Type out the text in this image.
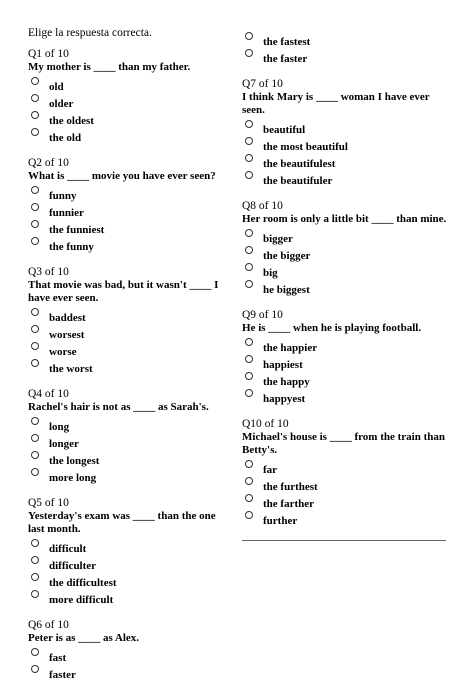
Elige la respuesta correcta.
Q1 of 10
My mother is ____ than my father.
old
older
the oldest
the old
Q2 of 10
What is ____ movie you have ever seen?
funny
funnier
the funniest
the funny
Q3 of 10
That movie was bad, but it wasn't ____ I have ever seen.
baddest
worsest
worse
the worst
Q4 of 10
Rachel's hair is not as ____ as Sarah's.
long
longer
the longest
more long
Q5 of 10
Yesterday's exam was ____ than the one last month.
difficult
difficulter
the difficultest
more difficult
Q6 of 10
Peter is as ____ as Alex.
fast
faster
the fastest
the faster
Q7 of 10
I think Mary is ____ woman I have ever seen.
beautiful
the most beautiful
the beautifulest
the beautifuler
Q8 of 10
Her room is only a little bit ____ than mine.
bigger
the bigger
big
he biggest
Q9 of 10
He is ____ when he is playing football.
the happier
happiest
the happy
happyest
Q10 of 10
Michael's house is ____ from the train than Betty's.
far
the furthest
the farther
further
